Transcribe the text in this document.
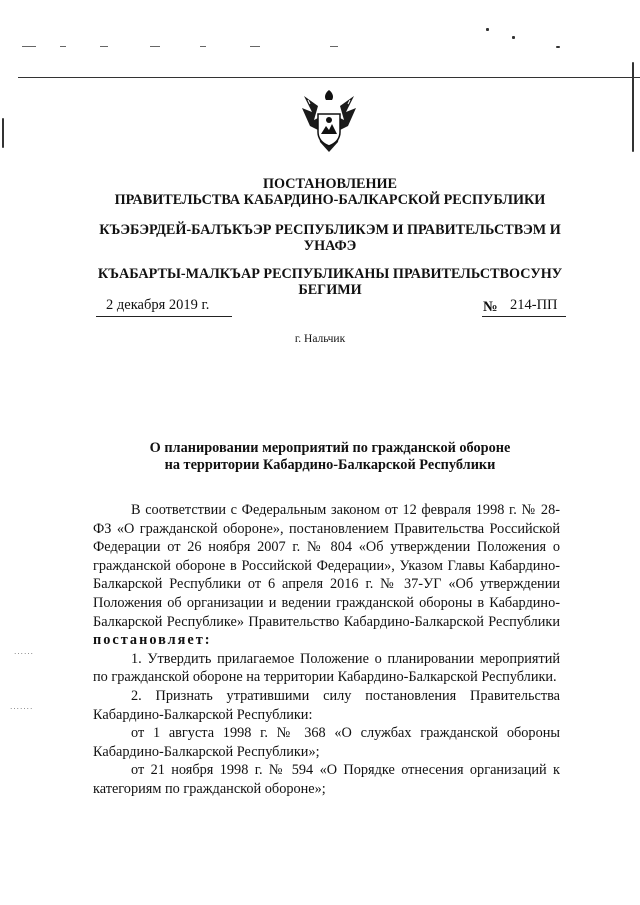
······
·······
ПОСТАНОВЛЕНИЕ
ПРАВИТЕЛЬСТВА КАБАРДИНО-БАЛКАРСКОЙ РЕСПУБЛИКИ
КЪЭБЭРДЕЙ-БАЛЪКЪЭР РЕСПУБЛИКЭМ И ПРАВИТЕЛЬСТВЭМ И
УНАФЭ
КЪАБАРТЫ-МАЛКЪАР РЕСПУБЛИКАНЫ ПРАВИТЕЛЬСТВОСУНУ
БЕГИМИ
2 декабря 2019 г.	№ 214-ПП
г. Нальчик
О планировании мероприятий по гражданской обороне
на территории Кабардино-Балкарской Республики

В соответствии с Федеральным законом от 12 февраля 1998 г. № 28-ФЗ «О гражданской обороне», постановлением Правительства Российской Федерации от 26 ноября 2007 г. № 804 «Об утверждении Положения о гражданской обороне в Российской Федерации», Указом Главы Кабардино-Балкарской Республики от 6 апреля 2016 г. № 37-УГ «Об утверждении Положения об организации и ведении гражданской обороны в Кабардино-Балкарской Республике» Правительство Кабардино-Балкарской Республики постановляет:

1. Утвердить прилагаемое Положение о планировании мероприятий по гражданской обороне на территории Кабардино-Балкарской Республики.

2. Признать утратившими силу постановления Правительства Кабардино-Балкарской Республики:

от 1 августа 1998 г. № 368 «О службах гражданской обороны Кабардино-Балкарской Республики»;

от 21 ноября 1998 г. № 594 «О Порядке отнесения организаций к категориям по гражданской обороне»;
